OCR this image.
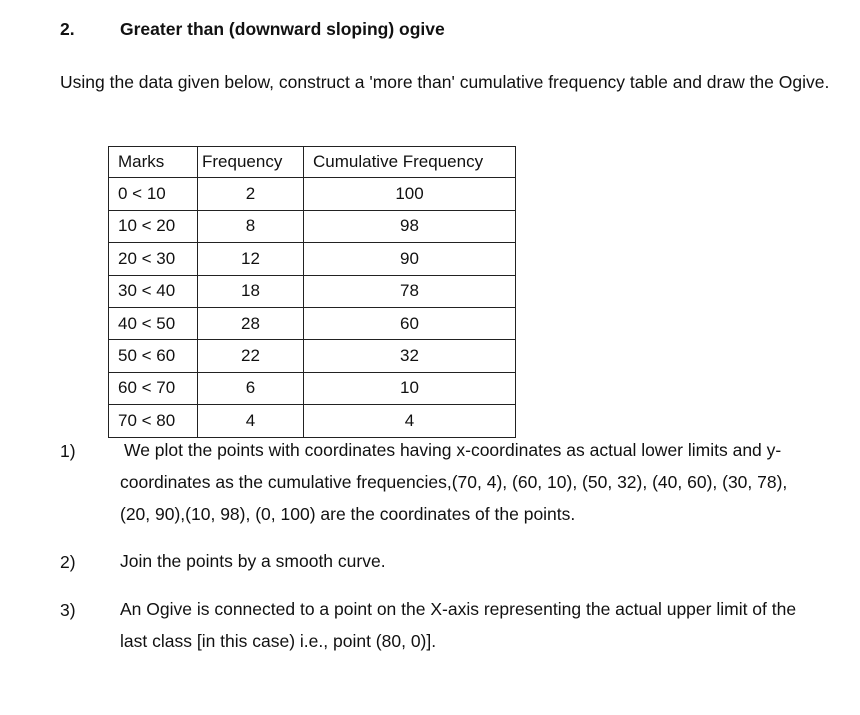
2.	Greater than (downward sloping) ogive
Using the data given below, construct a 'more than' cumulative frequency table and draw the Ogive.
Marks	Frequency	Cumulative Frequency
0 < 10	2	100
10 < 20	8	98
20 < 30	12	90
30 < 40	18	78
40 < 50	28	60
50 < 60	22	32
60 < 70	6	10
70 < 80	4	4
1)	We plot the points with coordinates having x-coordinates as actual lower limits and y-coordinates as the cumulative frequencies,(70, 4), (60, 10), (50, 32), (40, 60), (30, 78), (20, 90),(10, 98), (0, 100) are the coordinates of the points.
2)	Join the points by a smooth curve.
3)	An Ogive is connected to a point on the X-axis representing the actual upper limit of the last class [in this case) i.e., point (80, 0)].
